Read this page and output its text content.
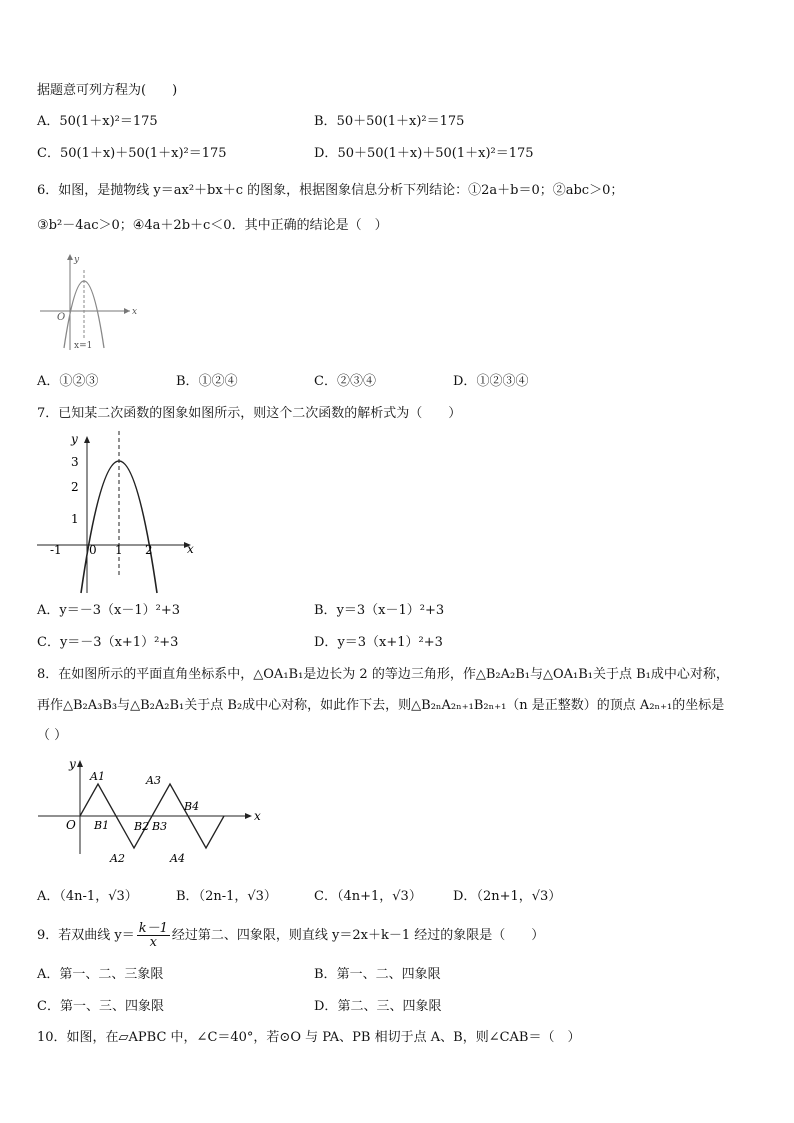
据题意可列方程为(　　)
A．50(1＋x)²＝175	B．50＋50(1＋x)²＝175
C．50(1＋x)＋50(1＋x)²＝175	D．50＋50(1＋x)＋50(1＋x)²＝175
6．如图，是抛物线 y＝ax²＋bx＋c 的图象，根据图象信息分析下列结论：①2a＋b＝0；②abc＞0；
③b²－4ac＞0；④4a＋2b＋c＜0．其中正确的结论是（　）
y
x
O
x=1
A．①②③	B．①②④	C．②③④	D．①②③④
7．已知某二次函数的图象如图所示，则这个二次函数的解析式为（　　）
y
x
3
2
1
-1 0 1 2
A．y＝－3（x－1）²+3	B．y＝3（x－1）²+3
C．y＝－3（x+1）²+3	D．y＝3（x+1）²+3
8．在如图所示的平面直角坐标系中，△OA₁B₁是边长为 2 的等边三角形，作△B₂A₂B₁与△OA₁B₁关于点 B₁成中心对称，
再作△B₂A₃B₃与△B₂A₂B₁关于点 B₂成中心对称，如此作下去，则△B₂ₙA₂ₙ₊₁B₂ₙ₊₁（n 是正整数）的顶点 A₂ₙ₊₁的坐标是
（ ）
y
x
O
A1	A3
B4
B1 B2 B3
A2	A4
A．（4n-1，√3）	B．（2n-1，√3）	C．（4n+1，√3） D．（2n+1，√3）
9．若双曲线 $y= \frac{k-1}{x}$ 经过第二、四象限，则直线 y＝2x＋k－1 经过的象限是（　　）
A．第一、二、三象限	B．第一、二、四象限
C．第一、三、四象限	D．第二、三、四象限
10．如图，在▱APBC 中，∠C＝40°，若⊙O 与 PA、PB 相切于点 A、B，则∠CAB＝（　）
